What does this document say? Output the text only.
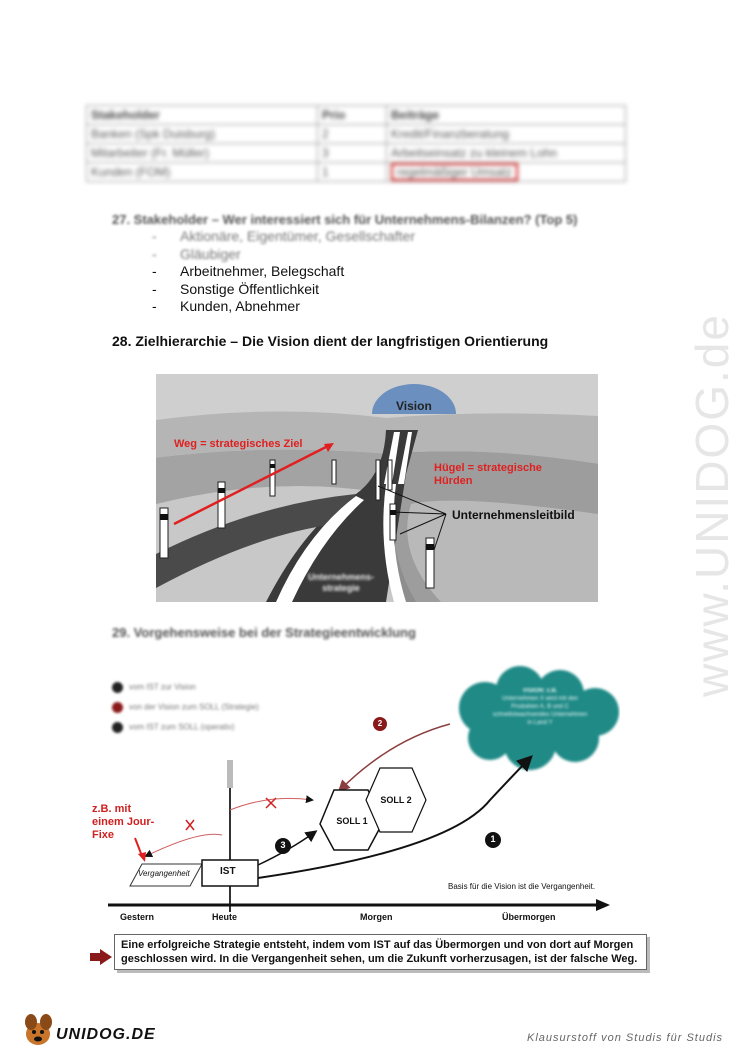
www.UNIDOG.de
Stakeholder	Prio	Beiträge
Banken (Spk Duisburg)	2	Kredit/Finanzberatung
Mitarbeiter (Fr. Müller)	3	Arbeitseinsatz zu kleinem Lohn
Kunden (FOM)	1	regelmäßiger Umsatz
27. Stakeholder – Wer interessiert sich für Unternehmens-Bilanzen? (Top 5)
- Aktionäre, Eigentümer, Gesellschafter
- Gläubiger
- Arbeitnehmer, Belegschaft
- Sonstige Öffentlichkeit
- Kunden, Abnehmer
28. Zielhierarchie – Die Vision dient der langfristigen Orientierung
Vision
Weg = strategisches Ziel
Hügel = strategische
Hürden
Unternehmensleitbild
Unternehmens-
strategie
29. Vorgehensweise bei der Strategieentwicklung
vom IST zur Vision
von der Vision zum SOLL (Strategie)
vom IST zum SOLL (operativ)
VISION: z.B.
Unternehmen X wird mit den Produkten A, B und C schnellstwachsendes Unternehmen in Land Y
z.B. mit
einem Jour-
Fixe
Vergangenheit	IST
SOLL 1
SOLL 2
2
3
1
Basis für die Vision ist die Vergangenheit.
Gestern	Heute	Morgen	Übermorgen
Eine erfolgreiche Strategie entsteht, indem vom IST auf das Übermorgen und von dort auf Morgen geschlossen wird. In die Vergangenheit sehen, um die Zukunft vorherzusagen, ist der falsche Weg.
UNIDOG.DE	Klausurstoff von Studis für Studis
